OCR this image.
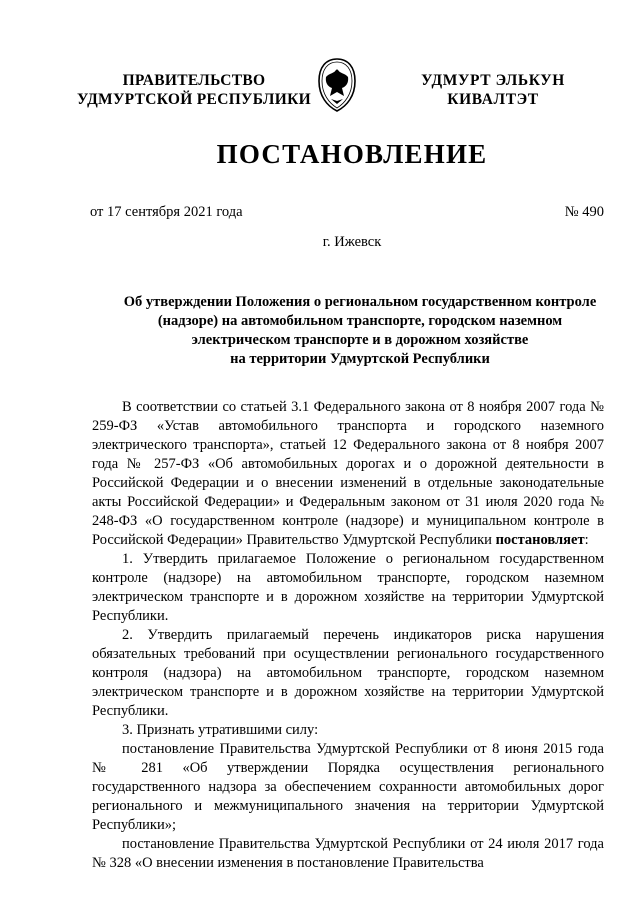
ПРАВИТЕЛЬСТВО
УДМУРТСКОЙ РЕСПУБЛИКИ
УДМУРТ ЭЛЬКУН
КИВАЛТЭТ
ПОСТАНОВЛЕНИЕ
от 17 сентября 2021 года	№ 490
г. Ижевск
Об утверждении Положения о региональном государственном контроле
(надзоре) на автомобильном транспорте, городском наземном
электрическом транспорте и в дорожном хозяйстве
на территории Удмуртской Республики

В соответствии со статьей 3.1 Федерального закона от 8 ноября 2007 года № 259-ФЗ «Устав автомобильного транспорта и городского наземного электрического транспорта», статьей 12 Федерального закона от 8 ноября 2007 года № 257-ФЗ «Об автомобильных дорогах и о дорожной деятельности в Российской Федерации и о внесении изменений в отдельные законодательные акты Российской Федерации» и Федеральным законом от 31 июля 2020 года № 248-ФЗ «О государственном контроле (надзоре) и муниципальном контроле в Российской Федерации» Правительство Удмуртской Республики постановляет:

1. Утвердить прилагаемое Положение о региональном государственном контроле (надзоре) на автомобильном транспорте, городском наземном электрическом транспорте и в дорожном хозяйстве на территории Удмуртской Республики.

2. Утвердить прилагаемый перечень индикаторов риска нарушения обязательных требований при осуществлении регионального государственного контроля (надзора) на автомобильном транспорте, городском наземном электрическом транспорте и в дорожном хозяйстве на территории Удмуртской Республики.

3. Признать утратившими силу:

постановление Правительства Удмуртской Республики от 8 июня 2015 года № 281 «Об утверждении Порядка осуществления регионального государственного надзора за обеспечением сохранности автомобильных дорог регионального и межмуниципального значения на территории Удмуртской Республики»;

постановление Правительства Удмуртской Республики от 24 июля 2017 года № 328 «О внесении изменения в постановление Правительства
